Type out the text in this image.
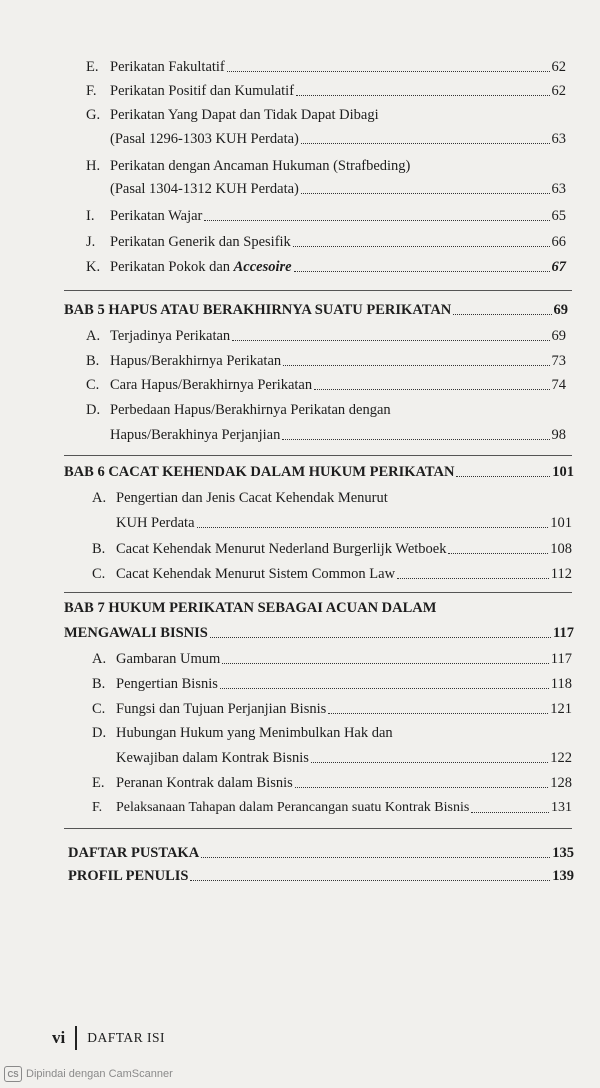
E. Perikatan Fakultatif	62
F. Perikatan Positif dan Kumulatif	62
G. Perikatan Yang Dapat dan Tidak Dapat Dibagi
(Pasal 1296-1303 KUH Perdata)	63
H. Perikatan dengan Ancaman Hukuman (Strafbeding)
(Pasal 1304-1312 KUH Perdata)	63
I.	Perikatan Wajar	65
J.	Perikatan Generik dan Spesifik	66
K. Perikatan Pokok dan Accesoire	67
BAB 5 HAPUS ATAU BERAKHIRNYA SUATU PERIKATAN	69
A. Terjadinya Perikatan	69
B. Hapus/Berakhirnya Perikatan	73
C. Cara Hapus/Berakhirnya Perikatan	74
D. Perbedaan Hapus/Berakhirnya Perikatan dengan
Hapus/Berakhinya Perjanjian	98
BAB 6 CACAT KEHENDAK DALAM HUKUM PERIKATAN	101
A. Pengertian dan Jenis Cacat Kehendak Menurut
KUH Perdata	101
B. Cacat Kehendak Menurut Nederland Burgerlijk Wetboek	108
C. Cacat Kehendak Menurut Sistem Common Law	112
BAB 7 HUKUM PERIKATAN SEBAGAI ACUAN DALAM
MENGAWALI BISNIS	117
A. Gambaran Umum	117
B. Pengertian Bisnis	118
C. Fungsi dan Tujuan Perjanjian Bisnis	121
D. Hubungan Hukum yang Menimbulkan Hak dan
Kewajiban dalam Kontrak Bisnis	122
E. Peranan Kontrak dalam Bisnis	128
F. Pelaksanaan Tahapan dalam Perancangan suatu Kontrak Bisnis	131
DAFTAR PUSTAKA	135
PROFIL PENULIS	139
vi DAFTAR ISI
CS Dipindai dengan CamScanner
